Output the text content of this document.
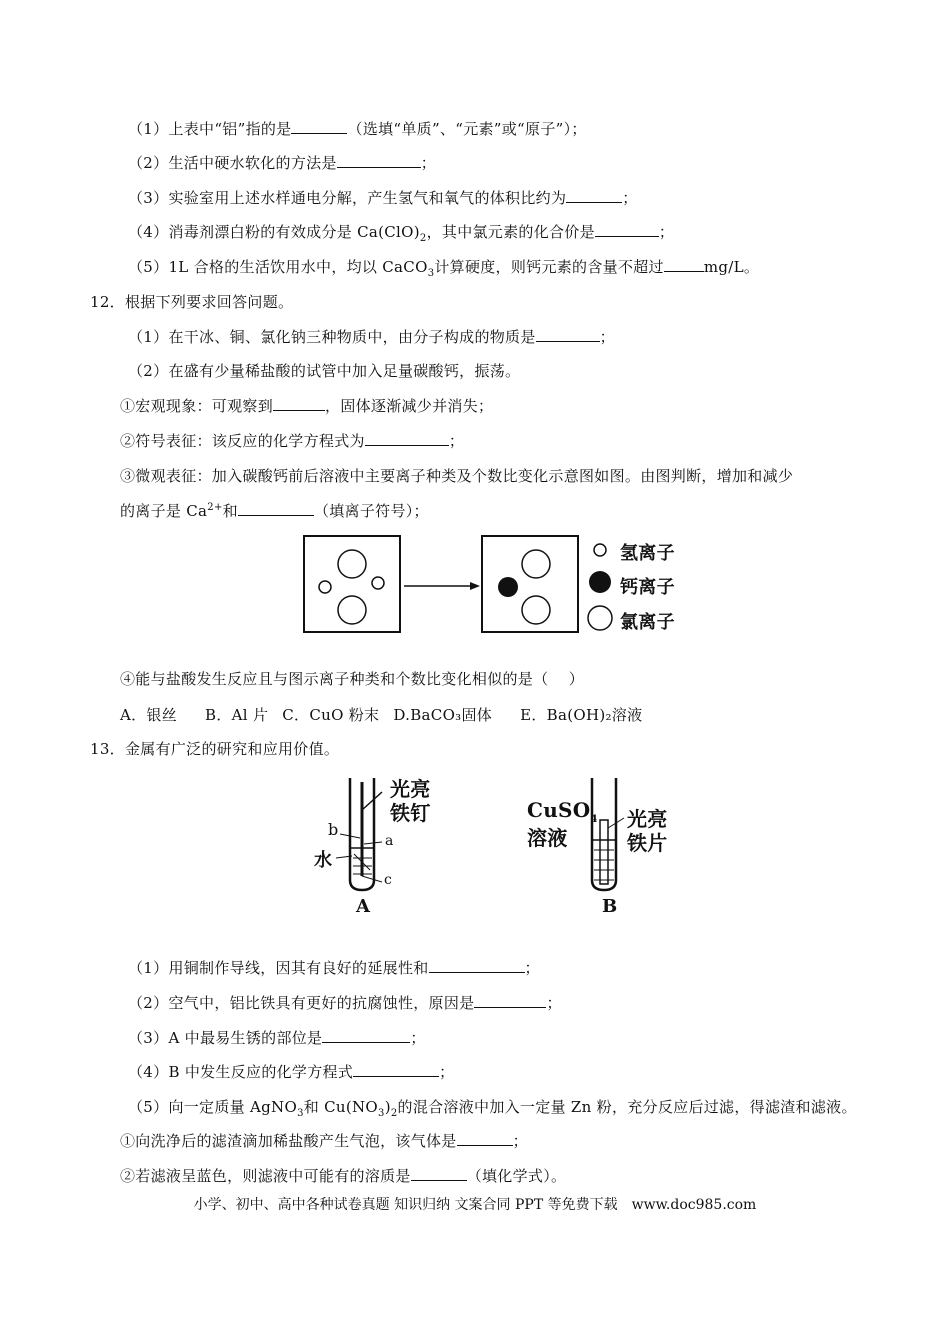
（1）上表中“铝”指的是	（选填“单质”、“元素”或“原子”）；
（2）生活中硬水软化的方法是	；
（3）实验室用上述水样通电分解，产生氢气和氧气的体积比约为	；
（4）消毒剂漂白粉的有效成分是 $Ca(ClO)_2$，其中氯元素的化合价是	；
（5）1L 合格的生活饮用水中，均以 CaCO$_3$计算硬度，则钙元素的含量不超过	mg/L。
12．根据下列要求回答问题。
（1）在干冰、铜、氯化钠三种物质中，由分子构成的物质是	；
（2）在盛有少量稀盐酸的试管中加入足量碳酸钙，振荡。
①宏观现象：可观察到	，固体逐渐减少并消失；
②符号表征：该反应的化学方程式为	；
③微观表征：加入碳酸钙前后溶液中主要离子种类及个数比变化示意图如图。由图判断，增加和减少
的离子是 $Ca^{2+}$和	（填离子符号）；
氢离子
钙离子
氯离子
④能与盐酸发生反应且与图示离子种类和个数比变化相似的是（　 ）
A．银丝 B．Al 片 C．CuO 粉末 D.BaCO₃固体 E．Ba(OH)₂溶液
13．金属有广泛的研究和应用价值。
光亮
铁钉
b
a
水
c
A
CuSO$_4$
溶液
光亮
铁片
B
（1）用铜制作导线，因其有良好的延展性和	；
（2）空气中，铝比铁具有更好的抗腐蚀性，原因是	；
（3）A 中最易生锈的部位是	；
（4）B 中发生反应的化学方程式	；
（5）向一定质量 AgNO$_3$和 $Cu(NO_3)_2$的混合溶液中加入一定量 Zn 粉，充分反应后过滤，得滤渣和滤液。
①向洗净后的滤渣滴加稀盐酸产生气泡，该气体是	；
②若滤液呈蓝色，则滤液中可能有的溶质是	（填化学式）。
小学、初中、高中各种试卷真题 知识归纳 文案合同 PPT 等免费下载　www.doc985.com
